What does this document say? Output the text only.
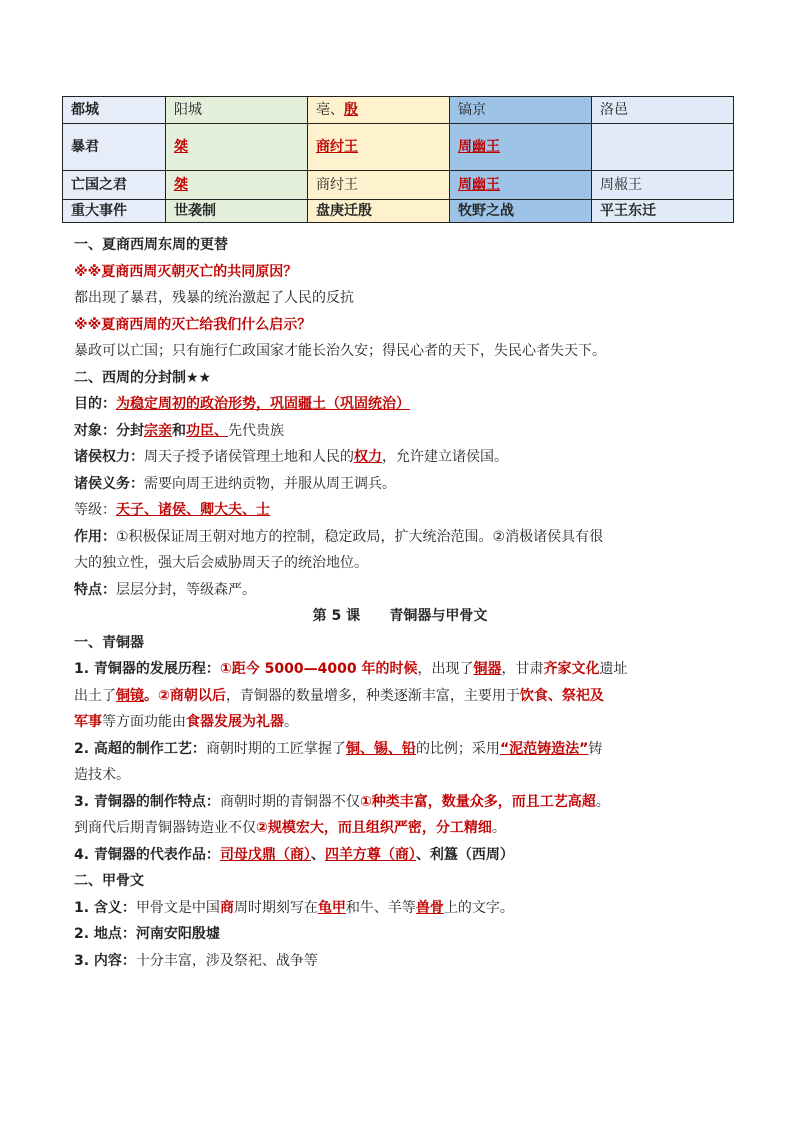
都城	阳城	亳、殷	镐京	洛邑
暴君	桀	商纣王	周幽王	
亡国之君	桀	商纣王	周幽王	周赧王
重大事件	世袭制	盘庚迁殷	牧野之战	平王东迁
一、夏商西周东周的更替
※※夏商西周灭朝灭亡的共同原因？
都出现了暴君，残暴的统治激起了人民的反抗
※※夏商西周的灭亡给我们什么启示？
暴政可以亡国；只有施行仁政国家才能长治久安；得民心者的天下，失民心者失天下。
二、西周的分封制★★
目的：为稳定周初的政治形势，巩固疆土（巩固统治）
对象：分封宗亲和功臣、先代贵族
诸侯权力：周天子授予诸侯管理土地和人民的权力，允许建立诸侯国。
诸侯义务：需要向周王进纳贡物，并服从周王调兵。
等级：天子、诸侯、卿大夫、士
作用：①积极保证周王朝对地方的控制，稳定政局，扩大统治范围。②消极诸侯具有很
大的独立性，强大后会威胁周天子的统治地位。
特点：层层分封，等级森严。
第 5 课 青铜器与甲骨文
一、青铜器
1. 青铜器的发展历程：①距今 5000—4000 年的时候，出现了铜器，甘肃齐家文化遗址
出土了铜镜。②商朝以后，青铜器的数量增多，种类逐渐丰富，主要用于饮食、祭祀及
军事等方面功能由食器发展为礼器。
2. 高超的制作工艺：商朝时期的工匠掌握了铜、锡、铅的比例；采用“泥范铸造法”铸
造技术。
3. 青铜器的制作特点：商朝时期的青铜器不仅①种类丰富，数量众多，而且工艺高超。
到商代后期青铜器铸造业不仅②规模宏大，而且组织严密，分工精细。
4. 青铜器的代表作品：司母戊鼎（商）、四羊方尊（商）、利簋（西周）
二、甲骨文
1. 含义：甲骨文是中国商周时期刻写在龟甲和牛、羊等兽骨上的文字。
2. 地点：河南安阳殷墟
3. 内容：十分丰富，涉及祭祀、战争等
